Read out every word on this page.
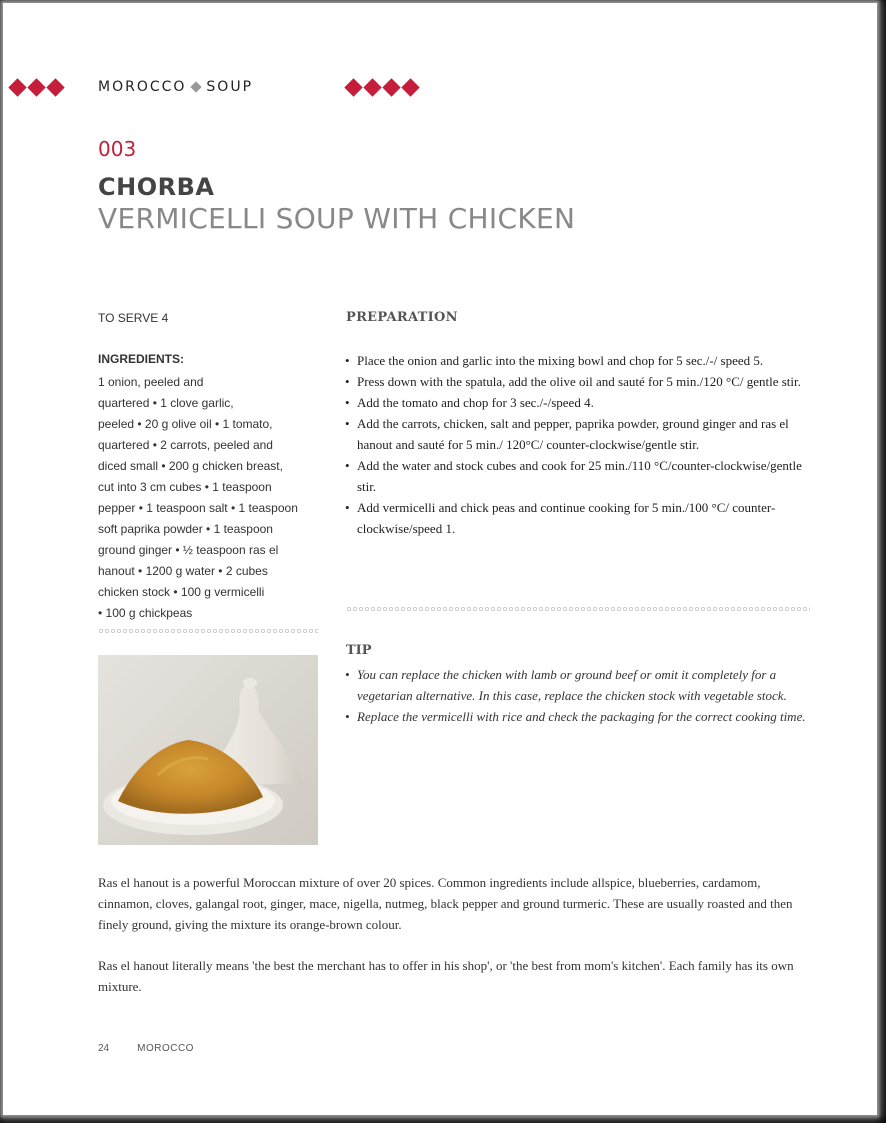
MOROCCO SOUP
003
CHORBA
VERMICELLI SOUP WITH CHICKEN
TO SERVE 4
INGREDIENTS:

1 onion, peeled and

quartered • 1 clove garlic,

peeled • 20 g olive oil • 1 tomato,

quartered • 2 carrots, peeled and

diced small • 200 g chicken breast,

cut into 3 cm cubes • 1 teaspoon

pepper • 1 teaspoon salt • 1 teaspoon

soft paprika powder • 1 teaspoon

ground ginger • ½ teaspoon ras el

hanout • 1200 g water • 2 cubes

chicken stock • 100 g vermicelli

• 100 g chickpeas

PREPARATION
• Place the onion and garlic into the mixing bowl and chop for 5 sec./-/ speed 5.
• Press down with the spatula, add the olive oil and sauté for 5 min./120 °C/ gentle stir.
• Add the tomato and chop for 3 sec./-/speed 4.
• Add the carrots, chicken, salt and pepper, paprika powder, ground ginger and ras el hanout and sauté for 5 min./ 120°C/ counter-clockwise/gentle stir.
• Add the water and stock cubes and cook for 25 min./110 °C/counter-clockwise/gentle stir.
• Add vermicelli and chick peas and continue cooking for 5 min./100 °C/ counter-clockwise/speed 1.
TIP
• You can replace the chicken with lamb or ground beef or omit it completely for a vegetarian alternative. In this case, replace the chicken stock with vegetable stock.
• Replace the vermicelli with rice and check the packaging for the correct cooking time.

Ras el hanout is a powerful Moroccan mixture of over 20 spices. Common ingredients include allspice, blueberries, cardamom, cinnamon, cloves, galangal root, ginger, mace, nigella, nutmeg, black pepper and ground turmeric. These are usually roasted and then finely ground, giving the mixture its orange-brown colour.

Ras el hanout literally means 'the best the merchant has to offer in his shop', or 'the best from mom's kitchen'. Each family has its own mixture.

24	MOROCCO
